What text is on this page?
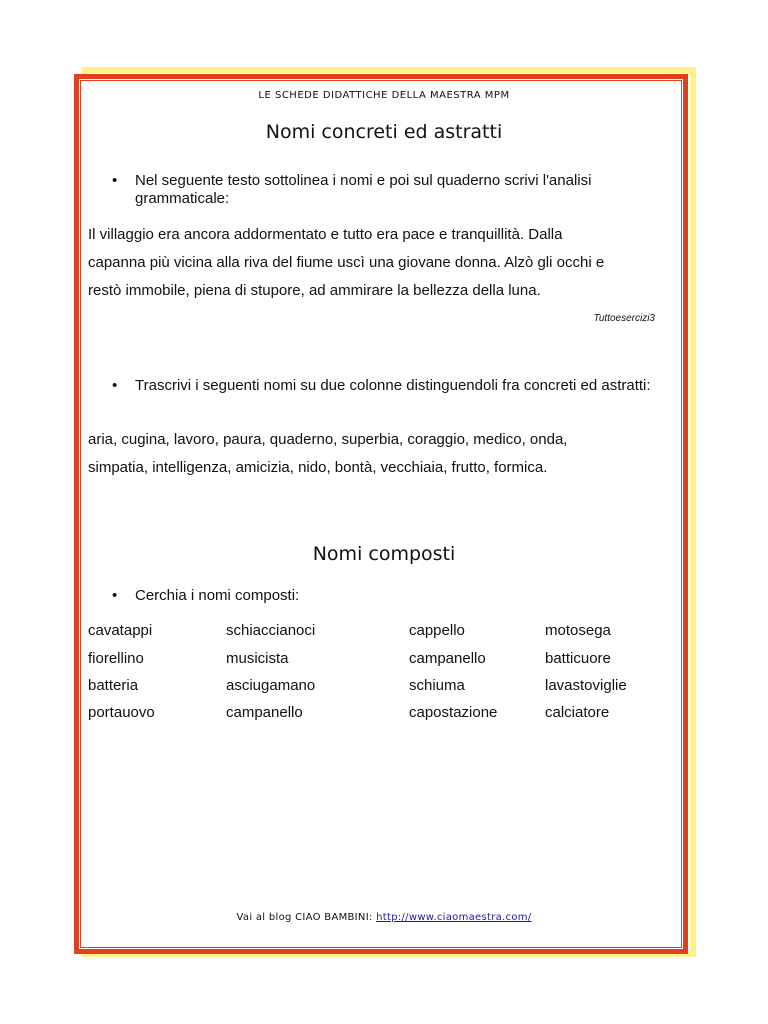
LE SCHEDE DIDATTICHE DELLA MAESTRA MPM
Nomi concreti ed astratti
• Nel seguente testo sottolinea i nomi e poi sul quaderno scrivi l'analisi grammaticale:
Il villaggio era ancora addormentato e tutto era pace e tranquillità. Dalla
capanna più vicina alla riva del fiume uscì una giovane donna. Alzò gli occhi e
restò immobile, piena di stupore, ad ammirare la bellezza della luna.
Tuttoesercizi3
• Trascrivi i seguenti nomi su due colonne distinguendoli fra concreti ed astratti:
aria, cugina, lavoro, paura, quaderno, superbia, coraggio, medico, onda,
simpatia, intelligenza, amicizia, nido, bontà, vecchiaia, frutto, formica.
Nomi composti
• Cerchia i nomi composti:
cavatappi	schiaccianoci	cappello	motosega
fiorellino	musicista	campanello	batticuore
batteria	asciugamano	schiuma	lavastoviglie
portauovo	campanello	capostazione	calciatore
Vai al blog CIAO BAMBINI: http://www.ciaomaestra.com/
